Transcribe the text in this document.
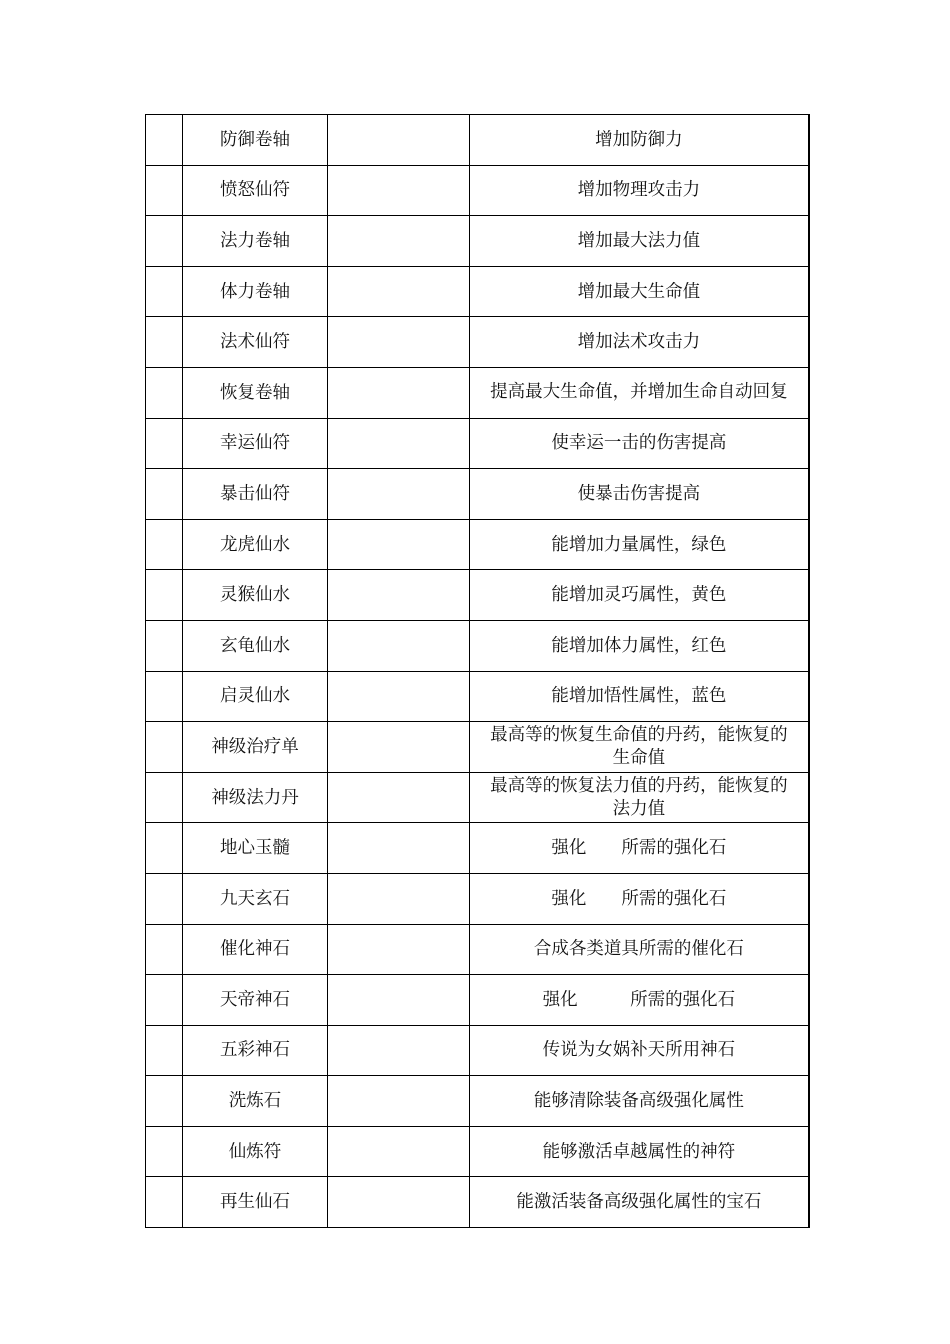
	防御卷轴		增加防御力
	愤怒仙符		增加物理攻击力
	法力卷轴		增加最大法力值
	体力卷轴		增加最大生命值
	法术仙符		增加法术攻击力
	恢复卷轴		提高最大生命值，并增加生命自动回复
	幸运仙符		使幸运一击的伤害提高
	暴击仙符		使暴击伤害提高
	龙虎仙水		能增加力量属性，绿色
	灵猴仙水		能增加灵巧属性，黄色
	玄龟仙水		能增加体力属性，红色
	启灵仙水		能增加悟性属性，蓝色
	神级治疗单		最高等的恢复生命值的丹药，能恢复的生命值
	神级法力丹		最高等的恢复法力值的丹药，能恢复的法力值
	地心玉髓		强化　　所需的强化石
	九天玄石		强化　　所需的强化石
	催化神石		合成各类道具所需的催化石
	天帝神石		强化　　　所需的强化石
	五彩神石		传说为女娲补天所用神石
	洗炼石		能够清除装备高级强化属性
	仙炼符		能够激活卓越属性的神符
	再生仙石		能激活装备高级强化属性的宝石
